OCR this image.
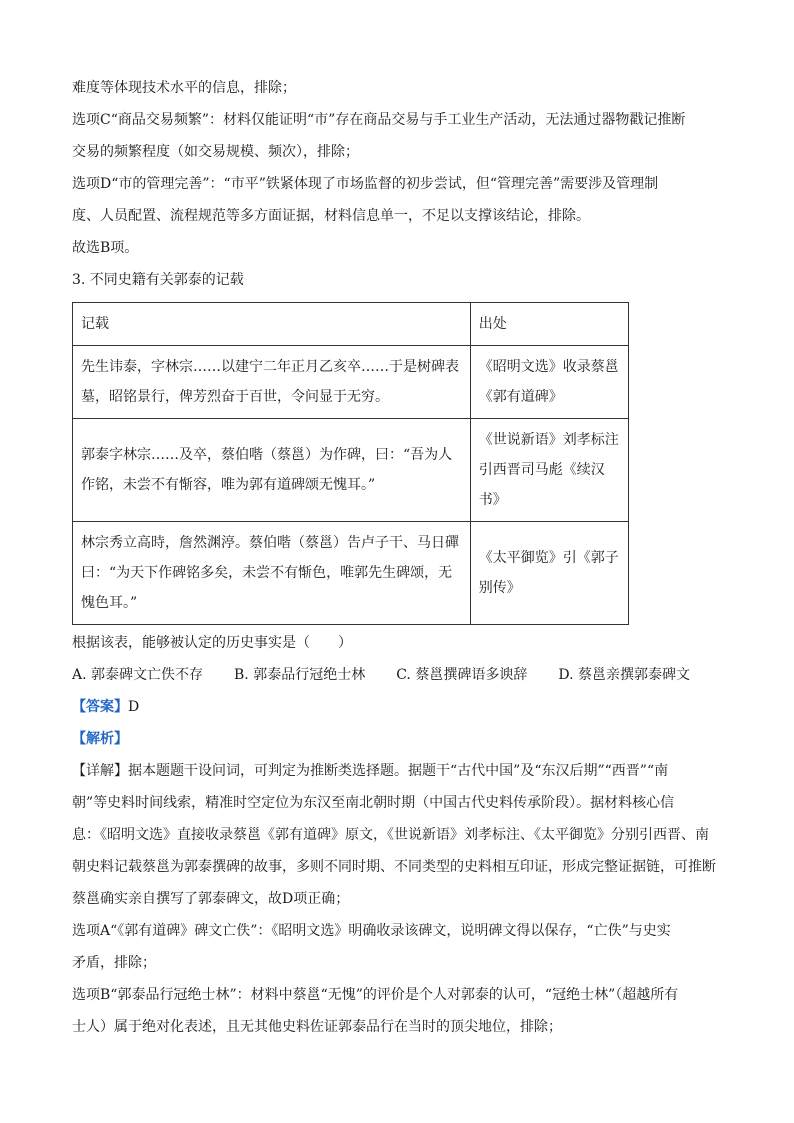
难度等体现技术水平的信息，排除；

选项C“商品交易频繁”：材料仅能证明“市”存在商品交易与手工业生产活动，无法通过器物戳记推断

交易的频繁程度（如交易规模、频次），排除；

选项D“市的管理完善”：“市平”铁紧体现了市场监督的初步尝试，但“管理完善”需要涉及管理制

度、人员配置、流程规范等多方面证据，材料信息单一，不足以支撑该结论，排除。

故选B项。

3. 不同史籍有关郭泰的记载

记载	出处
先生讳泰，字林宗……以建宁二年正月乙亥卒……于是树碑表墓，昭铭景行，俾芳烈奋于百世，令问显于无穷。	《昭明文选》收录蔡邕《郭有道碑》
郭泰字林宗……及卒，蔡伯喈（蔡邕）为作碑，曰：“吾为人作铭，未尝不有惭容，唯为郭有道碑颂无愧耳。”	《世说新语》刘孝标注引西晋司马彪《续汉书》
林宗秀立高時，詹然渊渟。蔡伯喈（蔡邕）告卢子干、马日磾曰：“为天下作碑铭多矣，未尝不有惭色，唯郭先生碑颂，无愧色耳。”	《太平御览》引《郭子别传》

根据该表，能够被认定的历史事实是（　　）

A. 郭泰碑文亡佚不存 B. 郭泰品行冠绝士林 C. 蔡邕撰碑语多谀辞 D. 蔡邕亲撰郭泰碑文

【答案】D

【解析】

【详解】据本题题干设问词，可判定为推断类选择题。据题干“古代中国”及“东汉后期”“西晋”“南

朝”等史料时间线索，精准时空定位为东汉至南北朝时期（中国古代史料传承阶段）。据材料核心信

息：《昭明文选》直接收录蔡邕《郭有道碑》原文，《世说新语》刘孝标注、《太平御览》分别引西晋、南

朝史料记载蔡邕为郭泰撰碑的故事，多则不同时期、不同类型的史料相互印证，形成完整证据链，可推断

蔡邕确实亲自撰写了郭泰碑文，故D项正确；

选项A“《郭有道碑》碑文亡佚”：《昭明文选》明确收录该碑文，说明碑文得以保存，“亡佚”与史实

矛盾，排除；

选项B“郭泰品行冠绝士林”：材料中蔡邕“无愧”的评价是个人对郭泰的认可，“冠绝士林”（超越所有

士人）属于绝对化表述，且无其他史料佐证郭泰品行在当时的顶尖地位，排除；
